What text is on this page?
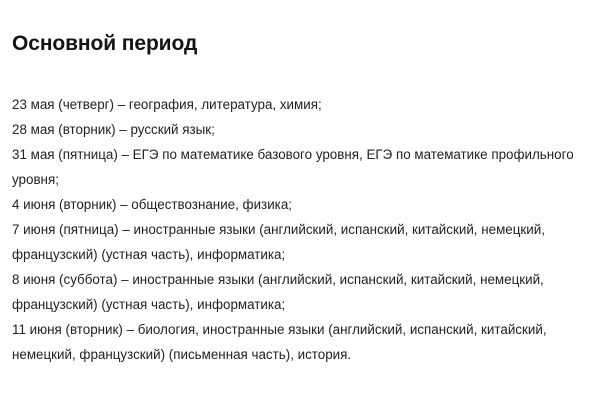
Основной период

23 мая (четверг) – география, литература, химия;

28 мая (вторник) – русский язык;

31 мая (пятница) – ЕГЭ по математике базового уровня, ЕГЭ по математике профильного уровня;

4 июня (вторник) – обществознание, физика;

7 июня (пятница) – иностранные языки (английский, испанский, китайский, немецкий, французский) (устная часть), информатика;

8 июня (суббота) – иностранные языки (английский, испанский, китайский, немецкий, французский) (устная часть), информатика;

11 июня (вторник) – биология, иностранные языки (английский, испанский, китайский, немецкий, французский) (письменная часть), история.
